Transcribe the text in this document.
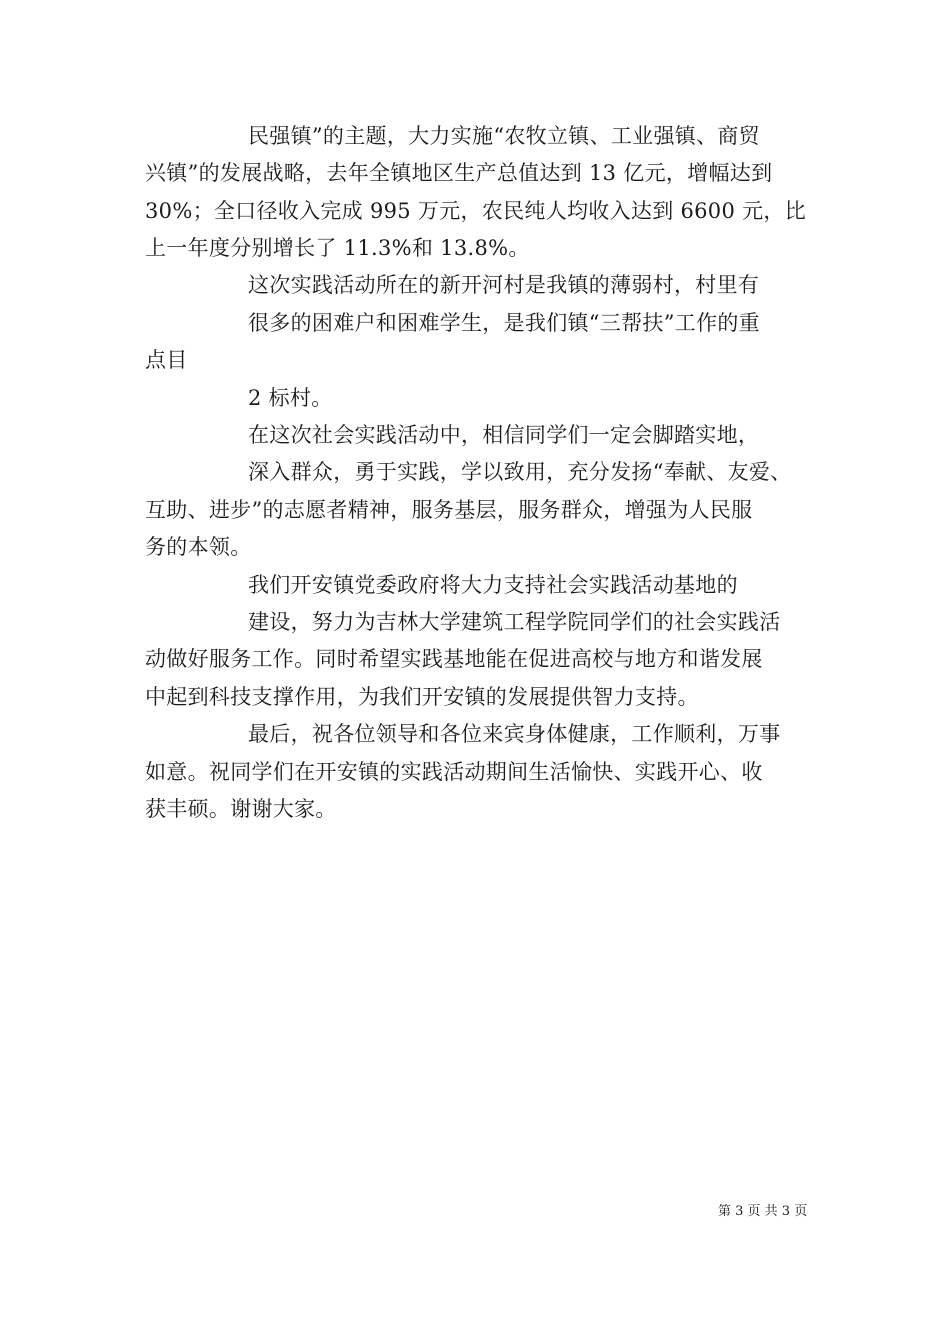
民强镇”的主题，大力实施“农牧立镇、工业强镇、商贸
兴镇”的发展战略，去年全镇地区生产总值达到 13 亿元，增幅达到
30%；全口径收入完成 995 万元，农民纯人均收入达到 6600 元，比
上一年度分别增长了 11.3%和 13.8%。
这次实践活动所在的新开河村是我镇的薄弱村，村里有
很多的困难户和困难学生，是我们镇“三帮扶”工作的重
点目
2 标村。
在这次社会实践活动中，相信同学们一定会脚踏实地，
深入群众，勇于实践，学以致用，充分发扬“奉献、友爱、
互助、进步”的志愿者精神，服务基层，服务群众，增强为人民服
务的本领。
我们开安镇党委政府将大力支持社会实践活动基地的
建设，努力为吉林大学建筑工程学院同学们的社会实践活
动做好服务工作。同时希望实践基地能在促进高校与地方和谐发展
中起到科技支撑作用，为我们开安镇的发展提供智力支持。
最后，祝各位领导和各位来宾身体健康，工作顺利，万事
如意。祝同学们在开安镇的实践活动期间生活愉快、实践开心、收
获丰硕。谢谢大家。
第 3 页 共 3 页
